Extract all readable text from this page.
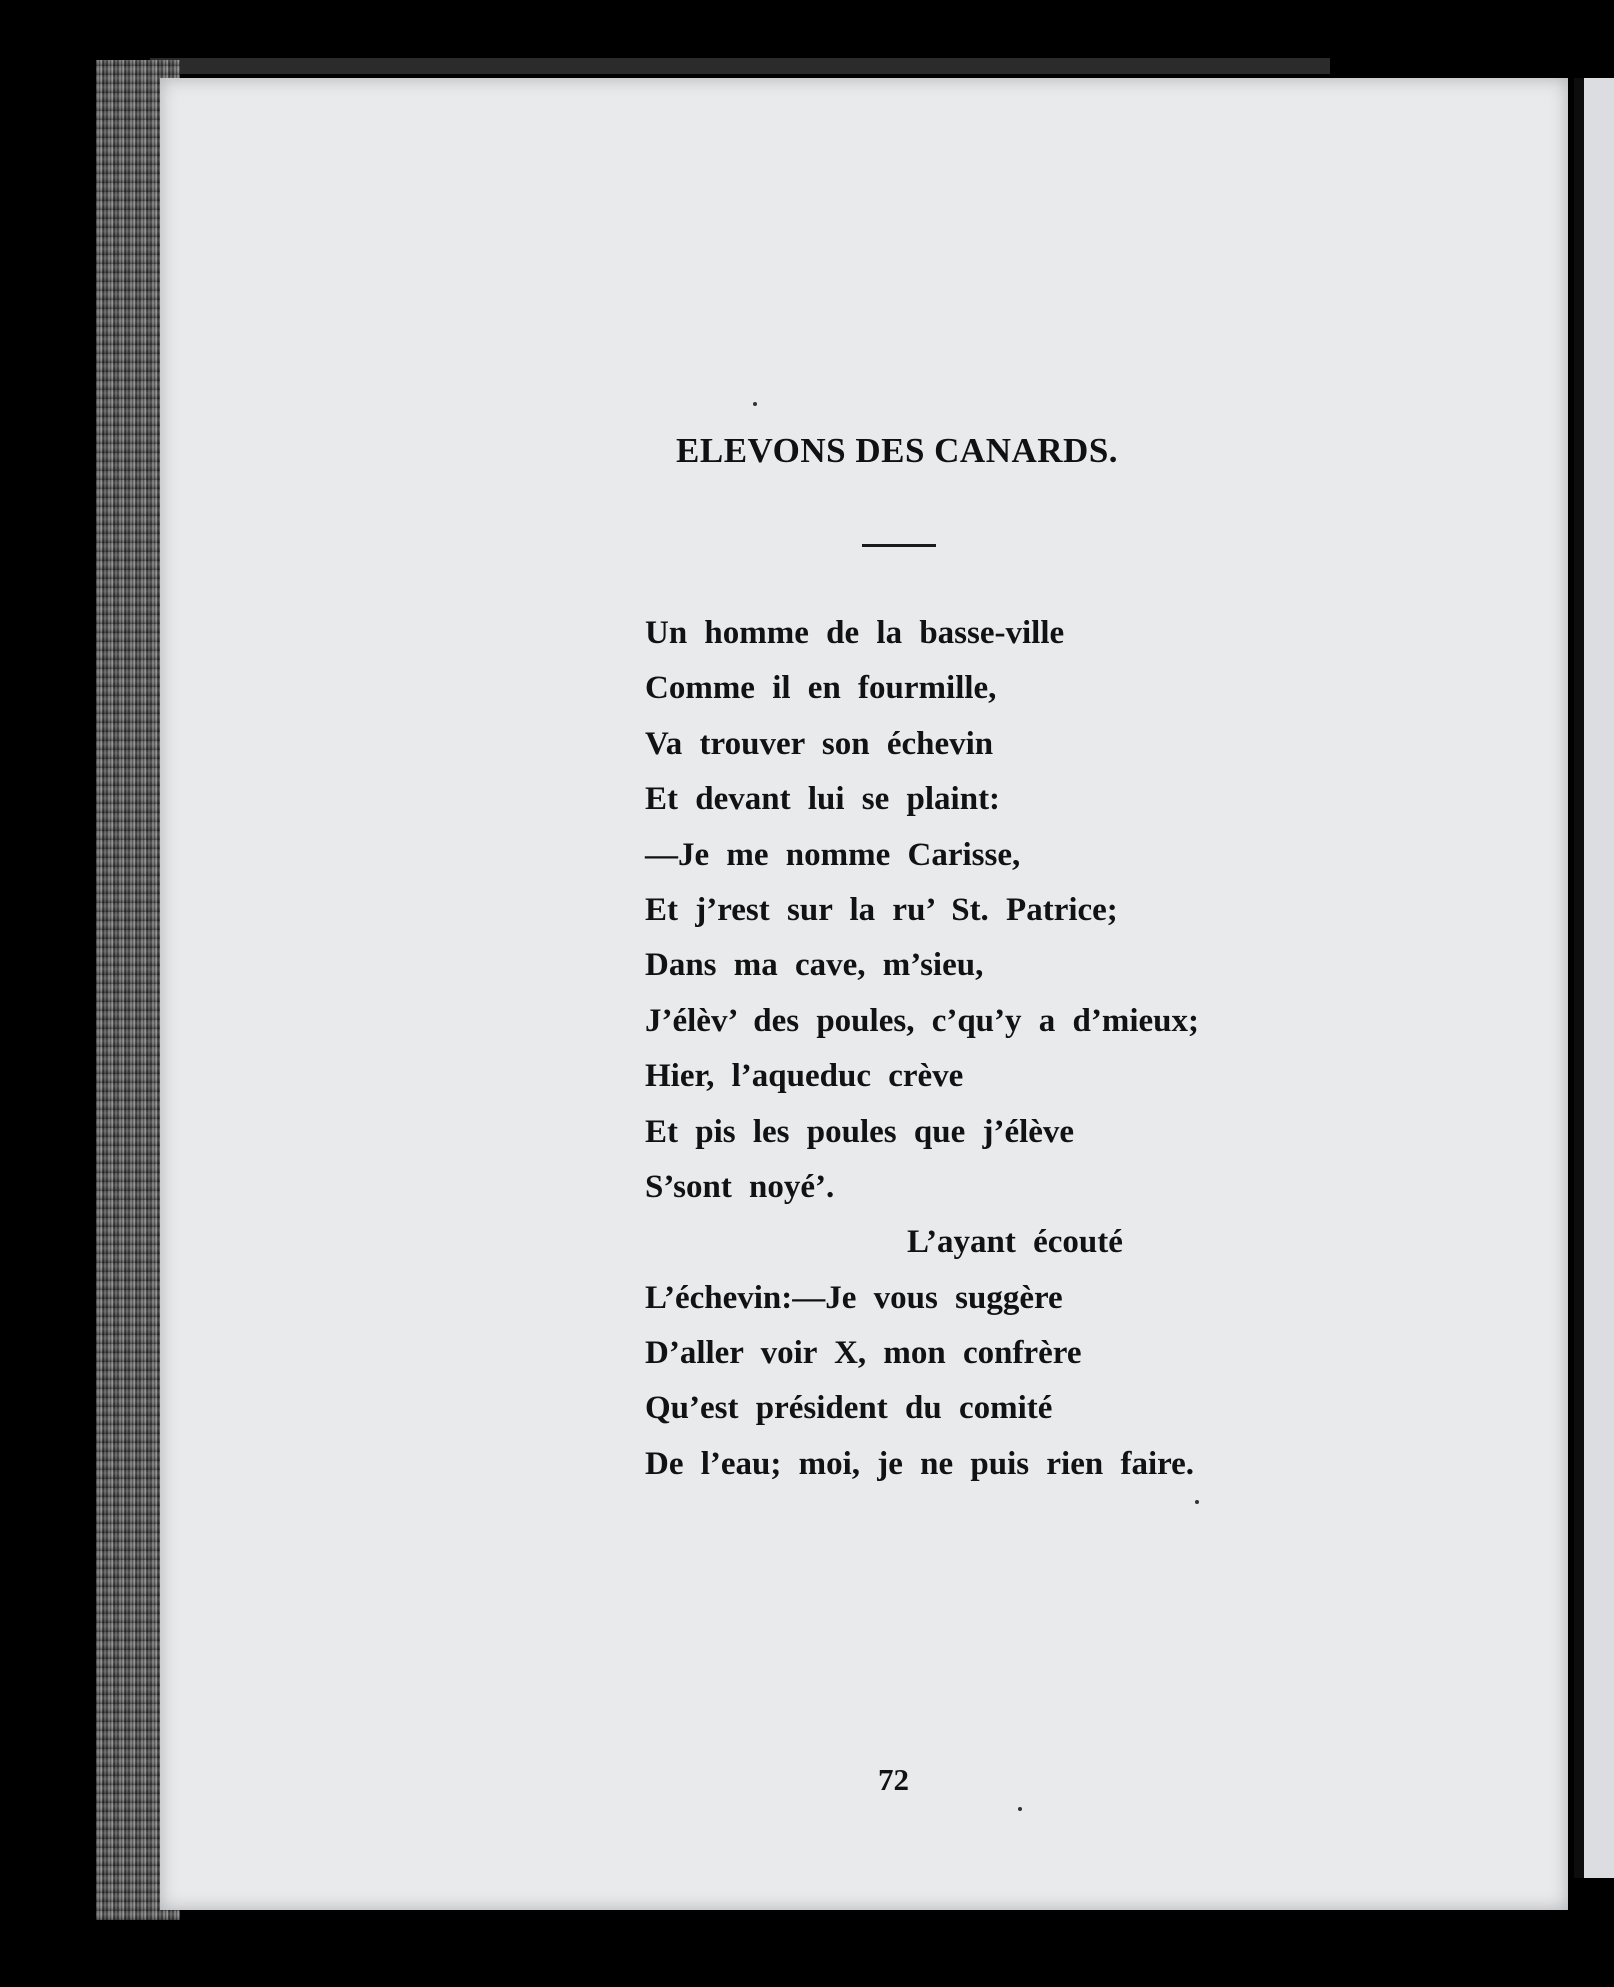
ELEVONS DES CANARDS.
Un homme de la basse-ville
Comme il en fourmille,
Va trouver son échevin
Et devant lui se plaint:
—Je me nomme Carisse,
Et j’rest sur la ru’ St. Patrice;
Dans ma cave, m’sieu,
J’élèv’ des poules, c’qu’y a d’mieux;
Hier, l’aqueduc crève
Et pis les poules que j’élève
S’sont noyé’.
L’ayant écouté
L’échevin:—Je vous suggère
D’aller voir X, mon confrère
Qu’est président du comité
De l’eau; moi, je ne puis rien faire.
72
